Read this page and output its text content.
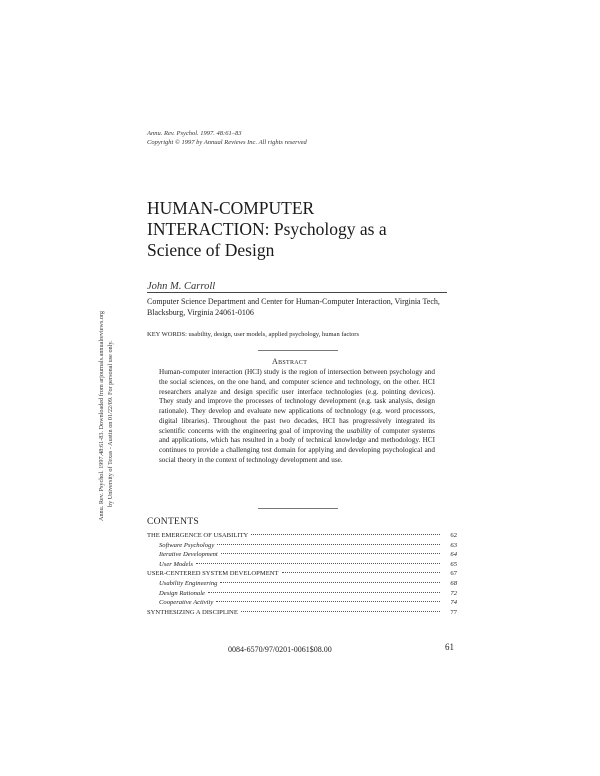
Annu. Rev. Psychol. 1997. 48:61–83
Copyright © 1997 by Annual Reviews Inc. All rights reserved
HUMAN-COMPUTER
INTERACTION: Psychology as a
Science of Design
John M. Carroll
Computer Science Department and Center for Human-Computer Interaction, Virginia Tech, Blacksburg, Virginia 24061-0106
KEY WORDS: usability, design, user models, applied psychology, human factors
Abstract

Human-computer interaction (HCI) study is the region of intersection between psychology and the social sciences, on the one hand, and computer science and technology, on the other. HCI researchers analyze and design specific user interface technologies (e.g. pointing devices). They study and improve the processes of technology development (e.g. task analysis, design rationale). They develop and evaluate new applications of technology (e.g. word processors, digital libraries). Throughout the past two decades, HCI has progressively integrated its scientific concerns with the engineering goal of improving the usability of computer systems and applications, which has resulted in a body of technical knowledge and methodology. HCI continues to provide a challenging test domain for applying and developing psychological and social theory in the context of technology development and use.

CONTENTS
THE EMERGENCE OF USABILITY	62
Software Psychology	63
Iterative Development	64
User Models	65
USER-CENTERED SYSTEM DEVELOPMENT	67
Usability Engineering	68
Design Rationale	72
Cooperative Activity	74
SYNTHESIZING A DISCIPLINE	77
0084-6570/97/0201-0061$08.00	61
Annu. Rev. Psychol. 1997.48:61-83. Downloaded from arjournals.annualreviews.org by University of Texas - Austin on 01/22/09. For personal use only.
